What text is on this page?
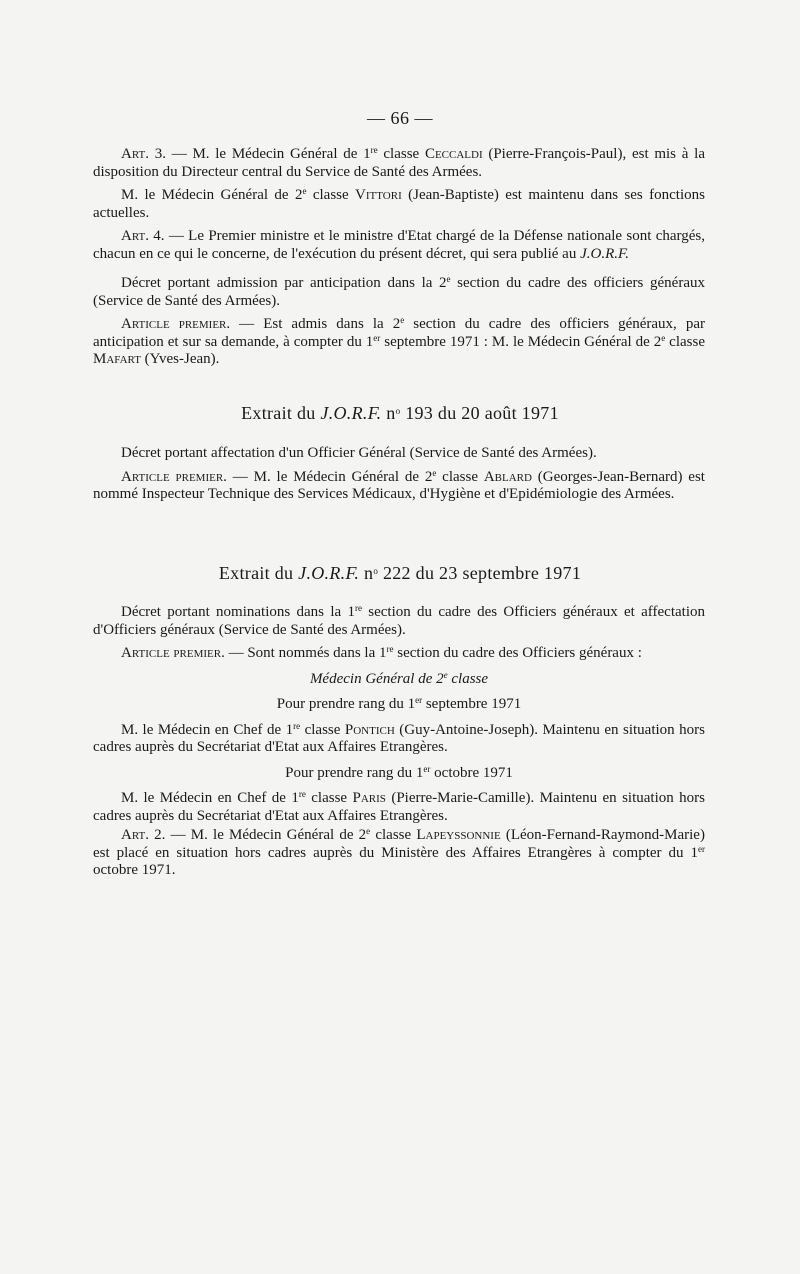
— 66 —

Art. 3. — M. le Médecin Général de 1re classe Ceccaldi (Pierre-François-Paul), est mis à la disposition du Directeur central du Service de Santé des Armées.

M. le Médecin Général de 2e classe Vittori (Jean-Baptiste) est maintenu dans ses fonctions actuelles.

Art. 4. — Le Premier ministre et le ministre d'Etat chargé de la Défense nationale sont chargés, chacun en ce qui le concerne, de l'exécution du présent décret, qui sera publié au J.O.R.F.

Décret portant admission par anticipation dans la 2e section du cadre des officiers généraux (Service de Santé des Armées).

Article premier. — Est admis dans la 2e section du cadre des officiers généraux, par anticipation et sur sa demande, à compter du 1er septembre 1971 : M. le Médecin Général de 2e classe Mafart (Yves-Jean).

Extrait du J.O.R.F. $n^o$ 193 du 20 août 1971

Décret portant affectation d'un Officier Général (Service de Santé des Armées).

Article premier. — M. le Médecin Général de 2e classe Ablard (Georges-Jean-Bernard) est nommé Inspecteur Technique des Services Médicaux, d'Hygiène et d'Epidémiologie des Armées.

Extrait du J.O.R.F. $n^o$ 222 du 23 septembre 1971

Décret portant nominations dans la 1re section du cadre des Officiers généraux et affectation d'Officiers généraux (Service de Santé des Armées).

Article premier. — Sont nommés dans la 1re section du cadre des Officiers généraux :

Médecin Général de 2e classe

Pour prendre rang du 1er septembre 1971

M. le Médecin en Chef de 1re classe Pontich (Guy-Antoine-Joseph). Maintenu en situation hors cadres auprès du Secrétariat d'Etat aux Affaires Etrangères.

Pour prendre rang du 1er octobre 1971

M. le Médecin en Chef de 1re classe Paris (Pierre-Marie-Camille). Maintenu en situation hors cadres auprès du Secrétariat d'Etat aux Affaires Etrangères.

Art. 2. — M. le Médecin Général de 2e classe Lapeyssonnie (Léon-Fernand-Raymond-Marie) est placé en situation hors cadres auprès du Ministère des Affaires Etrangères à compter du 1er octobre 1971.
